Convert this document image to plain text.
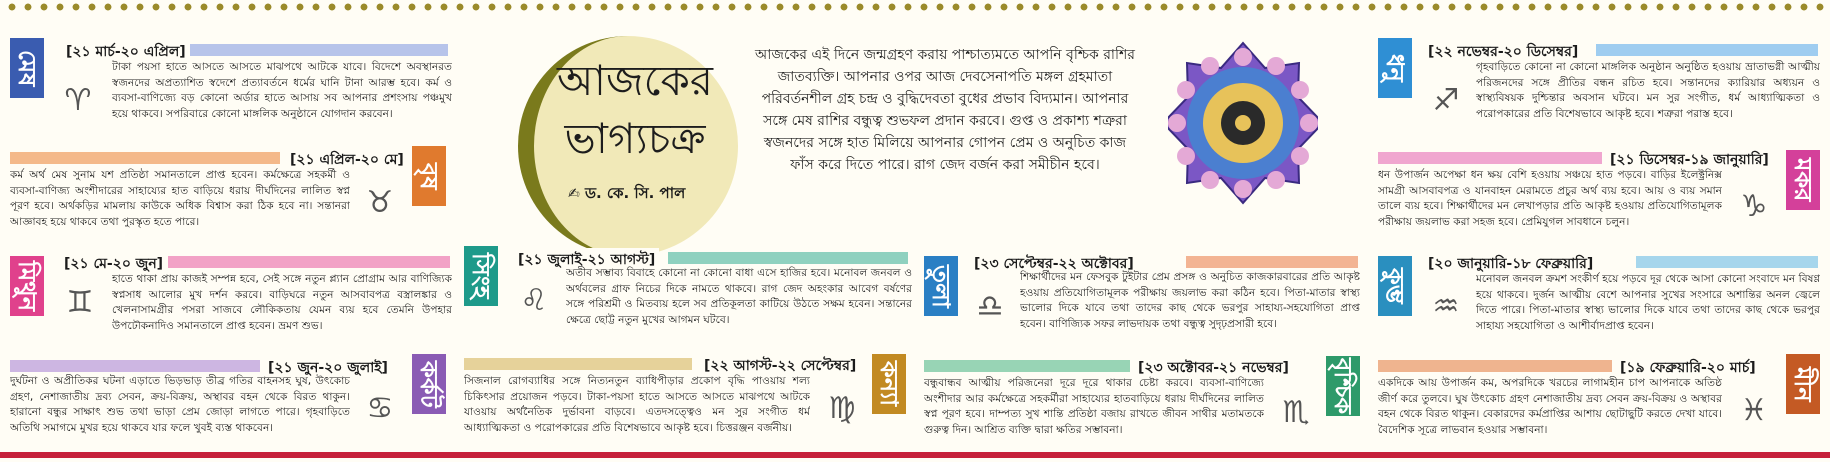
আজকের
ভাগ্যচক্র
✍ ড. কে. সি. পাল
আজকের এই দিনে জন্মগ্রহণ করায় পাশ্চাত্যমতে আপনি বৃশ্চিক রাশির জাতব্যক্তি। আপনার ওপর আজ দেবসেনাপতি মঙ্গল গ্রহমাতা পরিবর্তনশীল গ্রহ চন্দ্র ও বুদ্ধিদেবতা বুধের প্রভাব বিদ্যমান। আপনার সঙ্গে মেষ রাশির বন্ধুত্ব শুভফল প্রদান করবে। গুপ্ত ও প্রকাশ্য শত্রুরা স্বজনদের সঙ্গে হাত মিলিয়ে আপনার গোপন প্রেম ও অনুচিত কাজ ফাঁস করে দিতে পারে। রাগ জেদ বর্জন করা সমীচীন হবে।
মেষ [২১ মার্চ-২০ এপ্রিল]
♈
টাকা পয়সা হাতে আসতে আসতে মাঝপথে আটকে যাবে। বিদেশে অবস্থানরত স্বজনদের অপ্রত্যাশিত স্বদেশে প্রত্যাবর্তনে ধর্মের ঘানি টানা আরম্ভ হবে। কর্ম ও ব্যবসা-বাণিজ্যে বড় কোনো অর্ডার হাতে আসায় সব আপনার প্রশংসায় পঞ্চমুখ হয়ে থাকবে। সপরিবারে কোনো মাঙ্গলিক অনুষ্ঠানে যোগদান করবেন।
[২১ এপ্রিল-২০ মে]
বৃষ
♉
কর্ম অর্থ মেষ সুনাম যশ প্রতিষ্ঠা সমানতালে প্রাপ্ত হবেন। কর্মক্ষেত্রে সহকর্মী ও ব্যবসা-বাণিজ্য অংশীদারের সাহায্যের হাত বাড়িয়ে ধরায় দীর্ঘদিনের লালিত স্বপ্ন পূরণ হবে। অর্থকড়ির মামলায় কাউকে অধিক বিশ্বাস করা ঠিক হবে না। সন্তানরা আজ্ঞাবহ হয়ে থাকবে তথা পুরস্কৃত হতে পারে।
মিথুন [২১ মে-২০ জুন]
♊
হাতে থাকা প্রায় কাজই সম্পন্ন হবে, সেই সঙ্গে নতুন প্ল্যান প্রোগ্রাম আর বাণিজ্যিক স্বপ্নসাধ আলোর মুখ দর্শন করবে। বাড়িঘরে নতুন আসবাবপত্র বস্ত্রালঙ্কার ও খেলনাসামগ্রীর পসরা সাজবে লৌকিকতায় যেমন ব্যয় হবে তেমনি উপহার উপঢৌকনাদিও সমানতালে প্রাপ্ত হবেন। ভ্রমণ শুভ।
[২১ জুন-২০ জুলাই] কর্কট
♋
দুর্ঘটনা ও অপ্রীতিকর ঘটনা এড়াতে ভিড়ভাড় তীব্র গতির বাহনসহ ঘুষ, উৎকোচ গ্রহণ, নেশাজাতীয় দ্রব্য সেবন, ক্রয়-বিক্রয়, অস্থাবর বহন থেকে বিরত থাকুন। হারানো বন্ধুর সাক্ষাৎ শুভ তথা ভাড়া প্রেম জোড়া লাগতে পারে। গৃহবাড়িতে অতিথি সমাগমে মুখর হয়ে থাকবে যার ফলে খুবই ব্যস্ত থাকবেন।
সিংহ [২১ জুলাই-২১ আগস্ট]
♌
অতীব সম্ভাব্য বিবাহে কোনো না কোনো বাধা এসে হাজির হবে। মনোবল জনবল ও অর্থবলের গ্রাফ নিচের দিকে নামতে থাকবে। রাগ জেদ অহংকার আবেগ বর্ষণের সঙ্গে পরিশ্রমী ও মিতব্যয় হলে সব প্রতিকূলতা কাটিয়ে উঠতে সক্ষম হবেন। সন্তানের ক্ষেত্রে ছোট্ট নতুন মুখের আগমন ঘটবে।
[২২ আগস্ট-২২ সেপ্টেম্বর] কন্যা
♍
সিজনাল রোগব্যাধির সঙ্গে নিত্যনতুন ব্যাধিপীড়ার প্রকোপ বৃদ্ধি পাওয়ায় শল্য চিকিৎসার প্রয়োজন পড়বে। টাকা-পয়সা হাতে আসতে আসতে মাঝপথে আটকে যাওয়ায় অর্থনৈতিক দুর্ভাবনা বাড়বে। এতদসত্ত্বেও মন সুর সংগীত ধর্ম আধ্যাত্মিকতা ও পরোপকারের প্রতি বিশেষভাবে আকৃষ্ট হবে। চিত্তরঞ্জন বর্জনীয়।
তুলা
[২৩ সেপ্টেম্বর-২২ অক্টোবর]
♎
শিক্ষার্থীদের মন ফেসবুক টুইটার প্রেম প্রসঙ্গ ও অনুচিত কাজকারবারের প্রতি আকৃষ্ট হওয়ায় প্রতিযোগিতামূলক পরীক্ষায় জয়লাভ করা কঠিন হবে। পিতা-মাতার স্বাস্থ্য ভালোর দিকে যাবে তথা তাদের কাছ থেকে ভরপুর সাহায্য-সহযোগিতা প্রাপ্ত হবেন। বাণিজ্যিক সফর লাভদায়ক তথা বন্ধুত্ব সুদৃঢ়প্রসারী হবে।
[২৩ অক্টোবর-২১ নভেম্বর] বৃশ্চিক
♏
বন্ধুবান্ধব আত্মীয় পরিজনেরা দূরে দূরে থাকার চেষ্টা করবে। ব্যবসা-বাণিজ্যে অংশীদার আর কর্মক্ষেত্রে সহকর্মীরা সাহায্যের হাতবাড়িয়ে ধরায় দীর্ঘদিনের লালিত স্বপ্ন পূরণ হবে। দাম্পত্য সুখ শান্তি প্রতিষ্ঠা বজায় রাখতে জীবন সাথীর মতামতকে গুরুত্ব দিন। আশ্রিত ব্যক্তি দ্বারা ক্ষতির সম্ভাবনা।
ধনু
[২২ নভেম্বর-২০ ডিসেম্বর]
♐
গৃহবাড়িতে কোনো না কোনো মাঙ্গলিক অনুষ্ঠান অনুষ্ঠিত হওয়ায় ভ্রাতাভগ্নী আত্মীয় পরিজনদের সঙ্গে প্রীতির বন্ধন রচিত হবে। সন্তানদের ক্যারিয়ার অধ্যয়ন ও স্বাস্থ্যবিষয়ক দুশ্চিন্তার অবসান ঘটবে। মন সুর সংগীত, ধর্ম আধ্যাত্মিকতা ও পরোপকারের প্রতি বিশেষভাবে আকৃষ্ট হবে। শত্রুরা পরাস্ত হবে।
[২১ ডিসেম্বর-১৯ জানুয়ারি] মকর
♑
ধন উপার্জন অপেক্ষা ধন ক্ষয় বেশি হওয়ায় সঞ্চয়ে হাত পড়বে। বাড়ির ইলেক্ট্রনিক্স সামগ্রী আসবাবপত্র ও যানবাহন মেরামতে প্রচুর অর্থ ব্যয় হবে। আয় ও ব্যয় সমান তালে ব্যয় হবে। শিক্ষার্থীদের মন লেখাপড়ার প্রতি আকৃষ্ট হওয়ায় প্রতিযোগিতামূলক পরীক্ষায় জয়লাভ করা সহজ হবে। প্রেমিযুগল সাবধানে চলুন।
কুম্ভ
[২০ জানুয়ারি-১৮ ফেব্রুয়ারি]
♒
মনোবল জনবল ক্রমশ সংকীর্ণ হয়ে পড়বে দূর থেকে আসা কোনো সংবাদে মন বিষণ্ণ হয়ে থাকবে। দুর্জন আত্মীয় বেশে আপনার সুখের সংসারে অশান্তির অনল জ্বেলে দিতে পারে। পিতা-মাতার স্বাস্থ্য ভালোর দিকে যাবে তথা তাদের কাছ থেকে ভরপুর সাহায্য সহযোগিতা ও আশীর্বাদপ্রাপ্ত হবেন।
[১৯ ফেব্রুয়ারি-২০ মার্চ] মীন
♓
একদিকে আয় উপার্জন কম, অপরদিকে খরচের লাগামহীন চাপ আপনাকে অতিষ্ঠ জীর্ণ করে তুলবে। ঘুষ উৎকোচ গ্রহণ নেশাজাতীয় দ্রব্য সেবন ক্রয়-বিক্রয় ও অস্থাবর বহন থেকে বিরত থাকুন। বেকারদের কর্মপ্রাপ্তির আশায় ছোটাছুটি করতে দেখা যাবে। বৈদেশিক সূত্রে লাভবান হওয়ার সম্ভাবনা।
